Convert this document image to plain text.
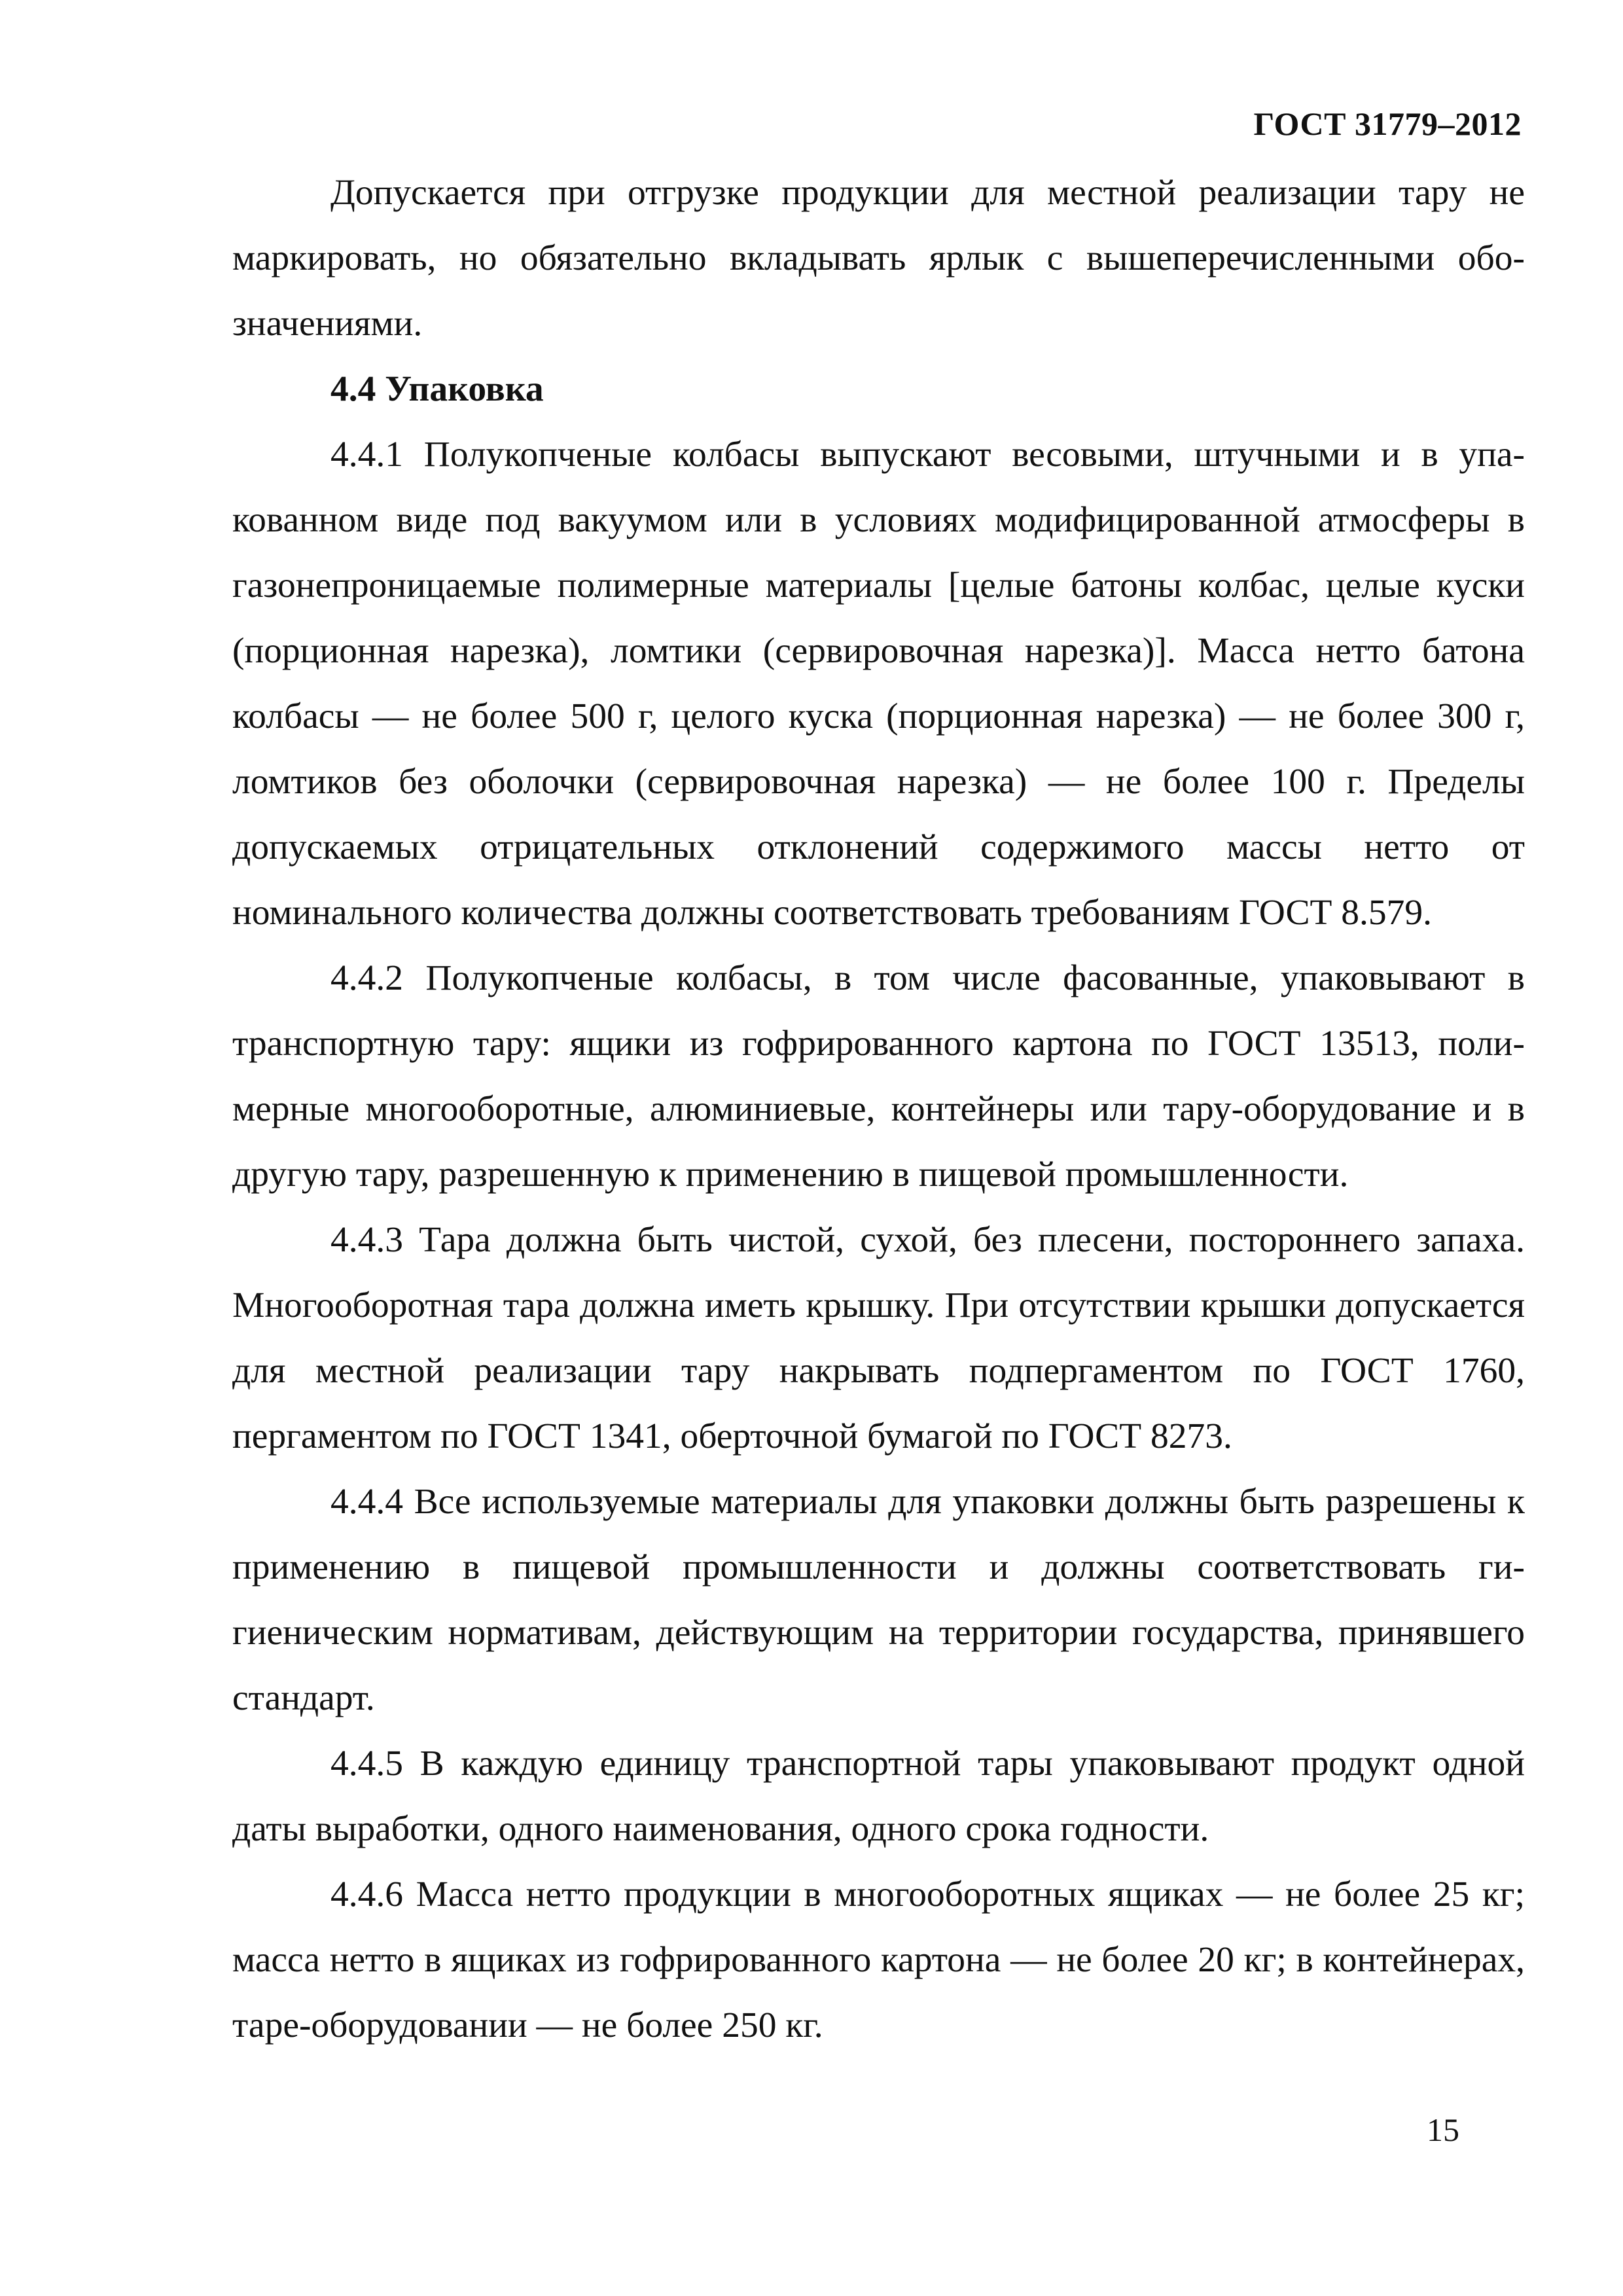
ГОСТ 31779–2012

Допускается при отгрузке продукции для местной реализации тару не маркировать, но обязательно вкладывать ярлык с вышеперечисленными обозначениями.

4.4 Упаковка

4.4.1 Полукопченые колбасы выпускают весовыми, штучными и в упакованном виде под вакуумом или в условиях модифицированной атмосферы в газонепроницаемые полимерные материалы [целые батоны колбас, целые куски (порционная нарезка), ломтики (сервировочная нарезка)]. Масса нетто батона колбасы — не более 500 г, целого куска (порционная нарезка) — не более 300 г, ломтиков без оболочки (сервировочная нарезка) — не более 100 г. Пределы допускаемых отрицательных отклонений содержимого массы нетто от номинального количества должны соответствовать требованиям ГОСТ 8.579.

4.4.2 Полукопченые колбасы, в том числе фасованные, упаковывают в транспортную тару: ящики из гофрированного картона по ГОСТ 13513, полимерные многооборотные, алюминиевые, контейнеры или тару-оборудование и в другую тару, разрешенную к применению в пищевой промышленности.

4.4.3 Тара должна быть чистой, сухой, без плесени, постороннего запаха. Многооборотная тара должна иметь крышку. При отсутствии крышки допускается для местной реализации тару накрывать подпергаментом по ГОСТ 1760, пергаментом по ГОСТ 1341, оберточной бумагой по ГОСТ 8273.

4.4.4 Все используемые материалы для упаковки должны быть разрешены к применению в пищевой промышленности и должны соответствовать гигиеническим нормативам, действующим на территории государства, принявшего стандарт.

4.4.5 В каждую единицу транспортной тары упаковывают продукт одной даты выработки, одного наименования, одного срока годности.

4.4.6 Масса нетто продукции в многооборотных ящиках — не более 25 кг; масса нетто в ящиках из гофрированного картона — не более 20 кг; в контейнерах, таре-оборудовании — не более 250 кг.

15
